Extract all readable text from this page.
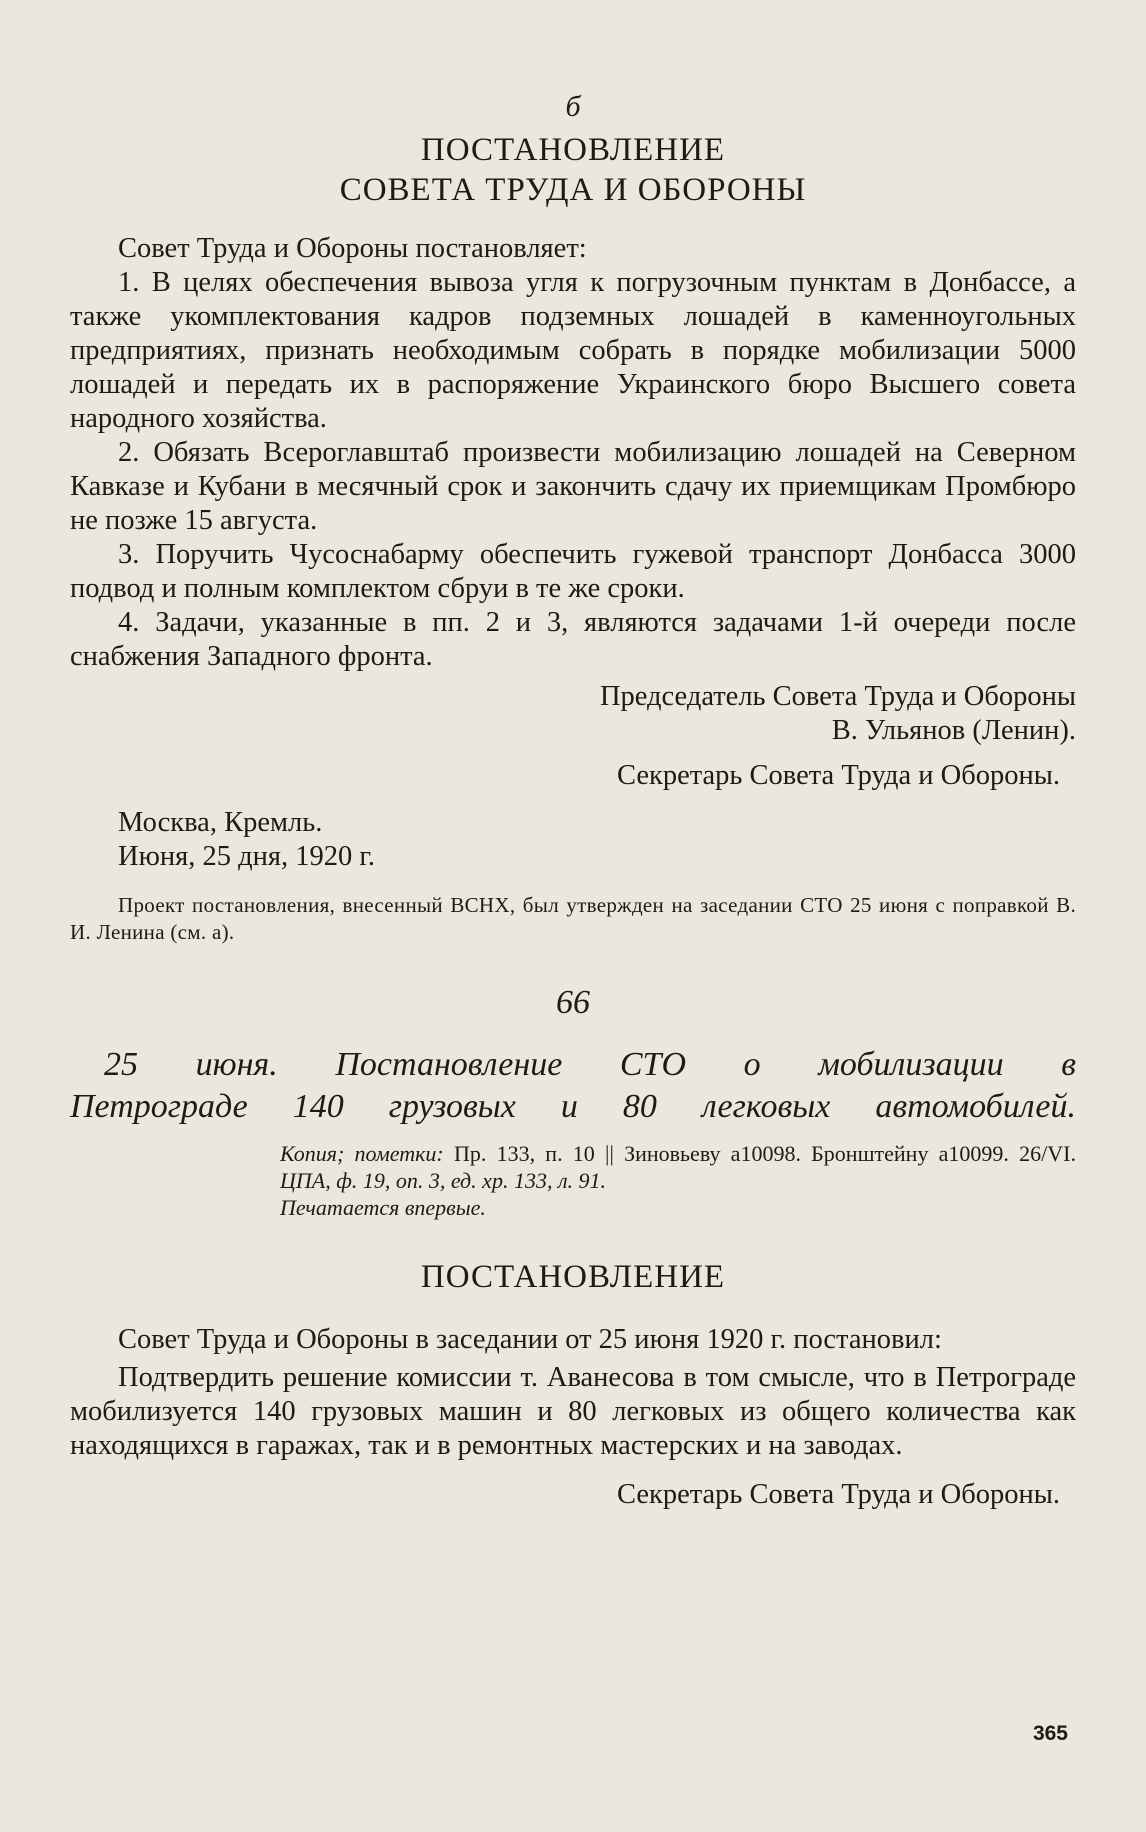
б

ПОСТАНОВЛЕНИЕ

СОВЕТА ТРУДА И ОБОРОНЫ

Совет Труда и Обороны постановляет:

1. В целях обеспечения вывоза угля к погрузочным пунктам в Донбассе, а также укомплектования кадров подземных лошадей в каменноугольных предприятиях, признать необходимым собрать в порядке мобилизации 5000 лошадей и передать их в распоряжение Украинского бюро Высшего совета народного хозяйства.

2. Обязать Всероглавштаб произвести мобилизацию лошадей на Северном Кавказе и Кубани в месячный срок и закончить сдачу их приемщикам Промбюро не позже 15 августа.

3. Поручить Чусоснабарму обеспечить гужевой транспорт Донбасса 3000 подвод и полным комплектом сбруи в те же сроки.

4. Задачи, указанные в пп. 2 и 3, являются задачами 1-й очереди после снабжения Западного фронта.

Председатель Совета Труда и Обороны

В. Ульянов (Ленин).

Секретарь Совета Труда и Обороны.

Москва, Кремль.

Июня, 25 дня, 1920 г.

Проект постановления, внесенный ВСНХ, был утвержден на заседании СТО 25 июня с поправкой В. И. Ленина (см. а).

66

25 июня. Постановление СТО о мобилизации в

Петрограде 140 грузовых и 80 легковых автомобилей.

Копия; пометки: Пр. 133, п. 10 || Зиновьеву а10098. Бронштейну а10099. 26/VI. ЦПА, ф. 19, оп. 3, ед. хр. 133, л. 91.
Печатается впервые.

ПОСТАНОВЛЕНИЕ

Совет Труда и Обороны в заседании от 25 июня 1920 г. постановил:

Подтвердить решение комиссии т. Аванесова в том смысле, что в Петрограде мобилизуется 140 грузовых машин и 80 легковых из общего количества как находящихся в гаражах, так и в ремонтных мастерских и на заводах.

Секретарь Совета Труда и Обороны.

365
